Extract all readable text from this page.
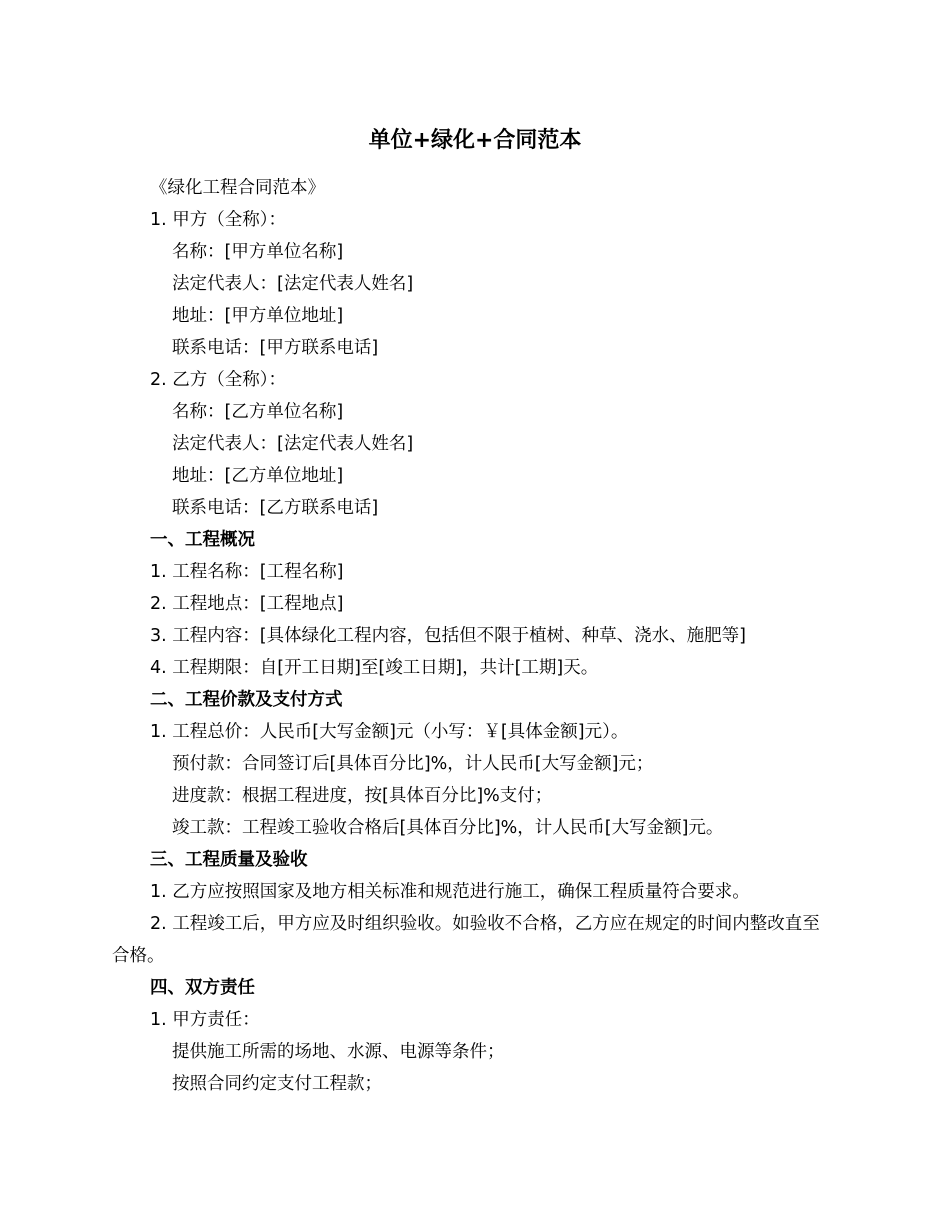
单位+绿化+合同范本

《绿化工程合同范本》

1. 甲方（全称）：

名称：[甲方单位名称]

法定代表人：[法定代表人姓名]

地址：[甲方单位地址]

联系电话：[甲方联系电话]

2. 乙方（全称）：

名称：[乙方单位名称]

法定代表人：[法定代表人姓名]

地址：[乙方单位地址]

联系电话：[乙方联系电话]

一、工程概况

1. 工程名称：[工程名称]

2. 工程地点：[工程地点]

3. 工程内容：[具体绿化工程内容，包括但不限于植树、种草、浇水、施肥等]

4. 工程期限：自[开工日期]至[竣工日期]，共计[工期]天。

二、工程价款及支付方式

1. 工程总价：人民币[大写金额]元（小写：￥[具体金额]元）。

预付款：合同签订后[具体百分比]%，计人民币[大写金额]元；

进度款：根据工程进度，按[具体百分比]%支付；

竣工款：工程竣工验收合格后[具体百分比]%，计人民币[大写金额]元。

三、工程质量及验收

1. 乙方应按照国家及地方相关标准和规范进行施工，确保工程质量符合要求。

2. 工程竣工后，甲方应及时组织验收。如验收不合格，乙方应在规定的时间内整改直至合格。

四、双方责任

1. 甲方责任：

提供施工所需的场地、水源、电源等条件；

按照合同约定支付工程款；
